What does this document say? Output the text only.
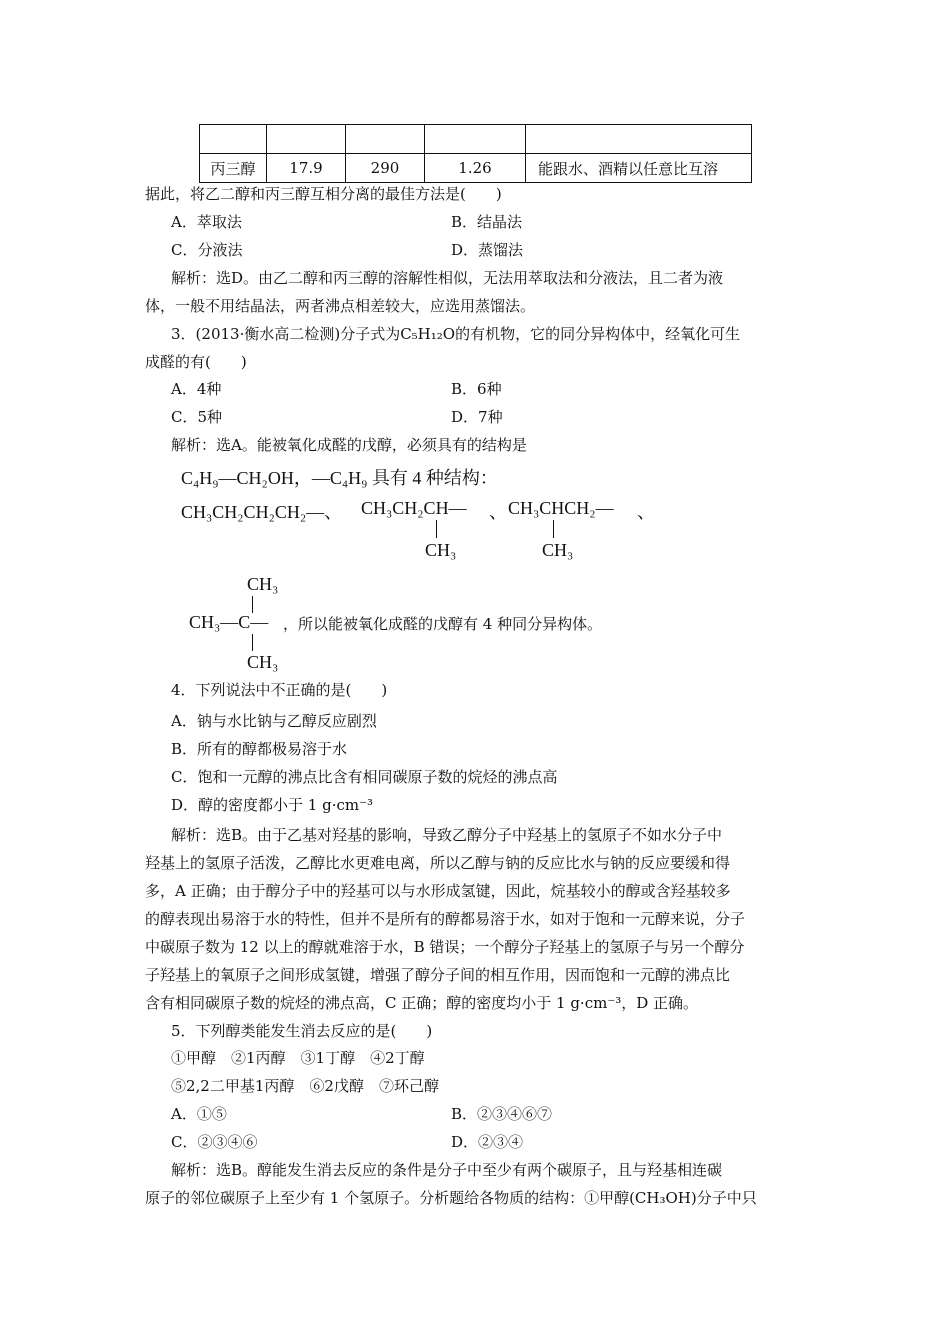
丙三醇	17.9	290	1.26	能跟水、酒精以任意比互溶
据此，将乙二醇和丙三醇互相分离的最佳方法是(　　)
A．萃取法	B．结晶法
C．分液法	D．蒸馏法
解析：选D。由乙二醇和丙三醇的溶解性相似，无法用萃取法和分液法，且二者为液
体，一般不用结晶法，两者沸点相差较大，应选用蒸馏法。
3．(2013·衡水高二检测)分子式为C₅H₁₂O的有机物，它的同分异构体中，经氧化可生
成醛的有(　　)
A．4种	B．6种
C．5种	D．7种
解析：选A。能被氧化成醛的戊醇，必须具有的结构是
C₄H₉—CH₂OH，—C₄H₉ 具有 4 种结构：
CH₃CH₂CH₂CH₂—、 CH₃CH₂CH—
CH₃
、 CH₃CHCH₂—
CH₃
、
CH₃
CH₃—C—
CH₃
，所以能被氧化成醛的戊醇有 4 种同分异构体。
4．下列说法中不正确的是(　　)
A．钠与水比钠与乙醇反应剧烈
B．所有的醇都极易溶于水
C．饱和一元醇的沸点比含有相同碳原子数的烷烃的沸点高
D．醇的密度都小于 1 g·cm⁻³
解析：选B。由于乙基对羟基的影响，导致乙醇分子中羟基上的氢原子不如水分子中
羟基上的氢原子活泼，乙醇比水更难电离，所以乙醇与钠的反应比水与钠的反应要缓和得
多，A 正确；由于醇分子中的羟基可以与水形成氢键，因此，烷基较小的醇或含羟基较多
的醇表现出易溶于水的特性，但并不是所有的醇都易溶于水，如对于饱和一元醇来说，分子
中碳原子数为 12 以上的醇就难溶于水，B 错误；一个醇分子羟基上的氢原子与另一个醇分
子羟基上的氧原子之间形成氢键，增强了醇分子间的相互作用，因而饱和一元醇的沸点比
含有相同碳原子数的烷烃的沸点高，C 正确；醇的密度均小于 1 g·cm⁻³，D 正确。
5．下列醇类能发生消去反应的是(　　)
①甲醇　②1丙醇　③1丁醇　④2丁醇
⑤2,2二甲基1丙醇　⑥2戊醇　⑦环己醇
A．①⑤	B．②③④⑥⑦
C．②③④⑥	D．②③④
解析：选B。醇能发生消去反应的条件是分子中至少有两个碳原子，且与羟基相连碳
原子的邻位碳原子上至少有 1 个氢原子。分析题给各物质的结构：①甲醇(CH₃OH)分子中只
